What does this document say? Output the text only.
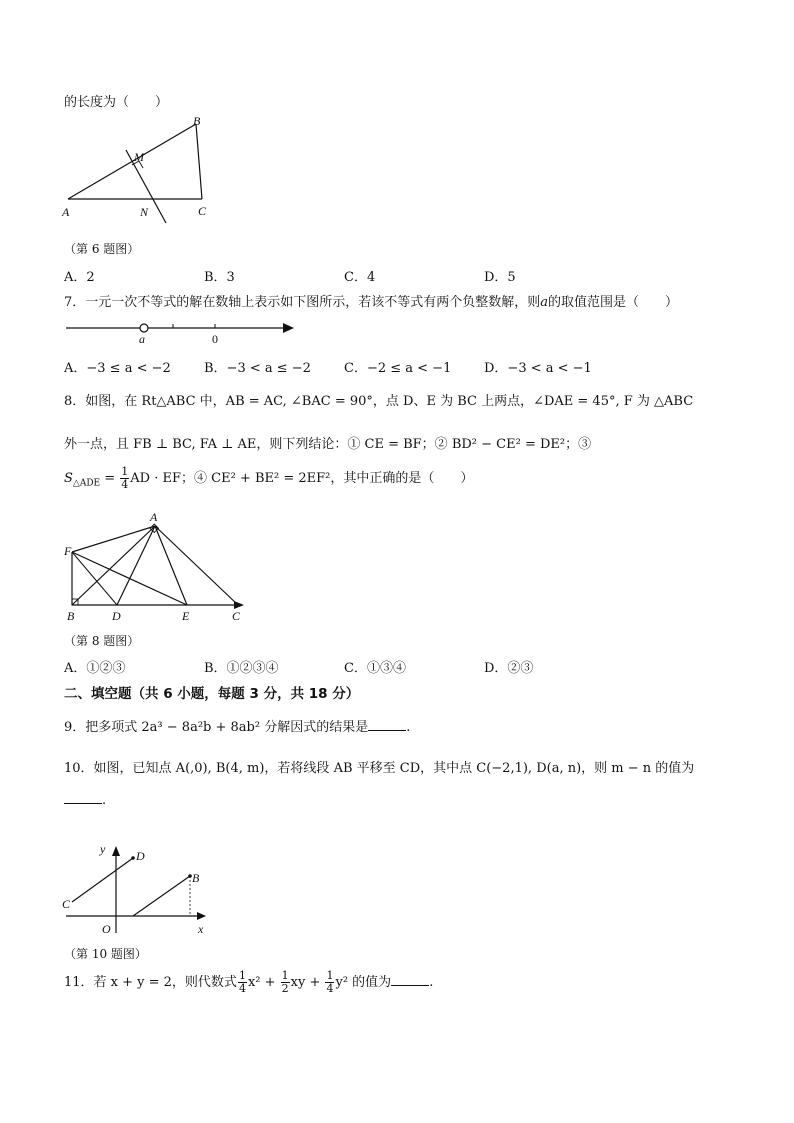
的长度为（　　）
A
B
C
M
N
（第 6 题图）
A．2	B．3	C．4	D．5
7．一元一次不等式的解在数轴上表示如下图所示，若该不等式有两个负整数解，则a的取值范围是（　　）
a	0
A．−3 ≤ a < −2	B．−3 < a ≤ −2	C．−2 ≤ a < −1	D．−3 < a < −1
8．如图，在 Rt△ABC 中，AB = AC, ∠BAC = 90°，点 D、E 为 BC 上两点，∠DAE = 45°, F 为 △ABC
外一点，且 FB ⊥ BC, FA ⊥ AE，则下列结论：① CE = BF；② BD² − CE² = DE²；③
$S_{\triangle ADE} = \frac{1}{4}$ AD · EF；④ CE² + BE² = 2EF²，其中正确的是（　　）
A
B	C
D	E
F
（第 8 题图）
A．①②③	B．①②③④	C．①③④	D．②③
二、填空题（共 6 小题，每题 3 分，共 18 分）
9．把多项式 2a³ − 8a²b + 8ab² 分解因式的结果是	.
10．如图，已知点 A(,0), B(4, m)，若将线段 AB 平移至 CD，其中点 C(−2,1), D(a, n)，则 m − n 的值为
.
y
x
O
C
D
B
（第 10 题图）
11．若 x + y = 2，则代数式 $\frac{1}{4} x^2 + \frac{1}{2}$ xy + $\frac{1}{4} y^2$ 的值为	.
